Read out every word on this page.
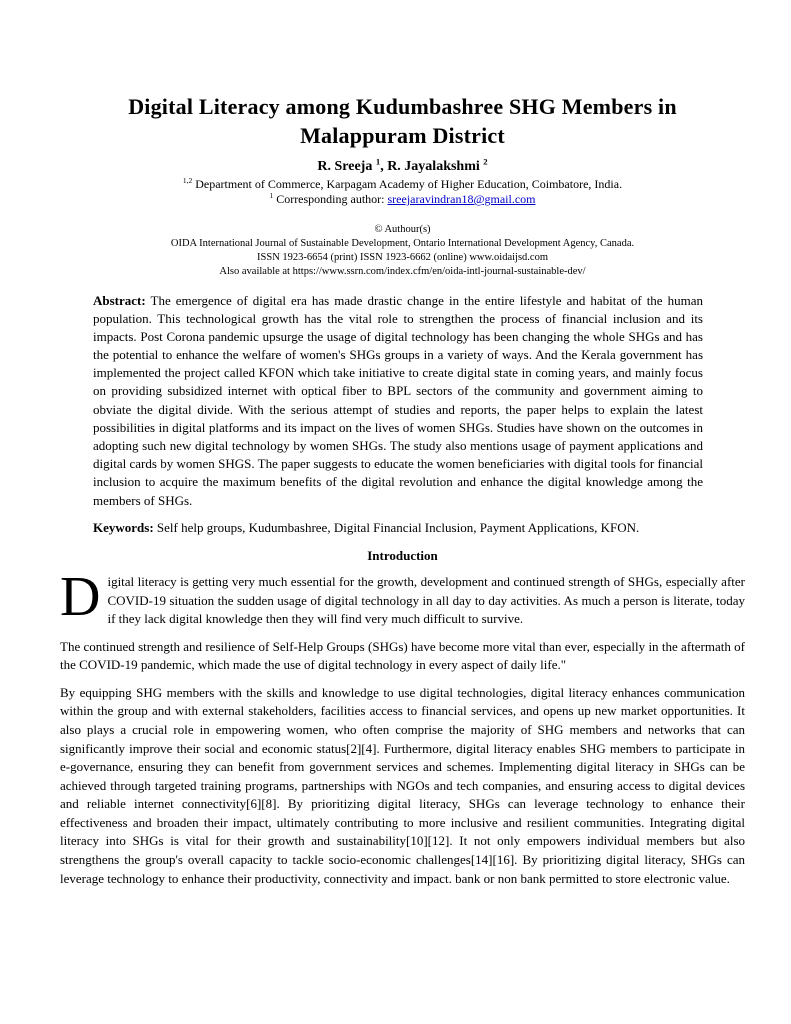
Digital Literacy among Kudumbashree SHG Members in
Malappuram District
R. Sreeja $^1$, R. Jayalakshmi $^2$
$^{1,2}$ Department of Commerce, Karpagam Academy of Higher Education, Coimbatore, India.
$^1$ Corresponding author: sreejaravindran18@gmail.com
© Authour(s)
OIDA International Journal of Sustainable Development, Ontario International Development Agency, Canada.
ISSN 1923-6654 (print) ISSN 1923-6662 (online) www.oidaijsd.com
Also available at https://www.ssrn.com/index.cfm/en/oida-intl-journal-sustainable-dev/

Abstract: The emergence of digital era has made drastic change in the entire lifestyle and habitat of the human population. This technological growth has the vital role to strengthen the process of financial inclusion and its impacts. Post Corona pandemic upsurge the usage of digital technology has been changing the whole SHGs and has the potential to enhance the welfare of women's SHGs groups in a variety of ways. And the Kerala government has implemented the project called KFON which take initiative to create digital state in coming years, and mainly focus on providing subsidized internet with optical fiber to BPL sectors of the community and government aiming to obviate the digital divide. With the serious attempt of studies and reports, the paper helps to explain the latest possibilities in digital platforms and its impact on the lives of women SHGs. Studies have shown on the outcomes in adopting such new digital technology by women SHGs. The study also mentions usage of payment applications and digital cards by women SHGS. The paper suggests to educate the women beneficiaries with digital tools for financial inclusion to acquire the maximum benefits of the digital revolution and enhance the digital knowledge among the members of SHGs.

Keywords: Self help groups, Kudumbashree, Digital Financial Inclusion, Payment Applications, KFON.

Introduction

Digital literacy is getting very much essential for the growth, development and continued strength of SHGs, especially after COVID-19 situation the sudden usage of digital technology in all day to day activities. As much a person is literate, today if they lack digital knowledge then they will find very much difficult to survive.

The continued strength and resilience of Self-Help Groups (SHGs) have become more vital than ever, especially in the aftermath of the COVID-19 pandemic, which made the use of digital technology in every aspect of daily life."

By equipping SHG members with the skills and knowledge to use digital technologies, digital literacy enhances communication within the group and with external stakeholders, facilities access to financial services, and opens up new market opportunities. It also plays a crucial role in empowering women, who often comprise the majority of SHG members and networks that can significantly improve their social and economic status[2][4]. Furthermore, digital literacy enables SHG members to participate in e-governance, ensuring they can benefit from government services and schemes. Implementing digital literacy in SHGs can be achieved through targeted training programs, partnerships with NGOs and tech companies, and ensuring access to digital devices and reliable internet connectivity[6][8]. By prioritizing digital literacy, SHGs can leverage technology to enhance their effectiveness and broaden their impact, ultimately contributing to more inclusive and resilient communities. Integrating digital literacy into SHGs is vital for their growth and sustainability[10][12]. It not only empowers individual members but also strengthens the group's overall capacity to tackle socio-economic challenges[14][16]. By prioritizing digital literacy, SHGs can leverage technology to enhance their productivity, connectivity and impact. bank or non bank permitted to store electronic value.
